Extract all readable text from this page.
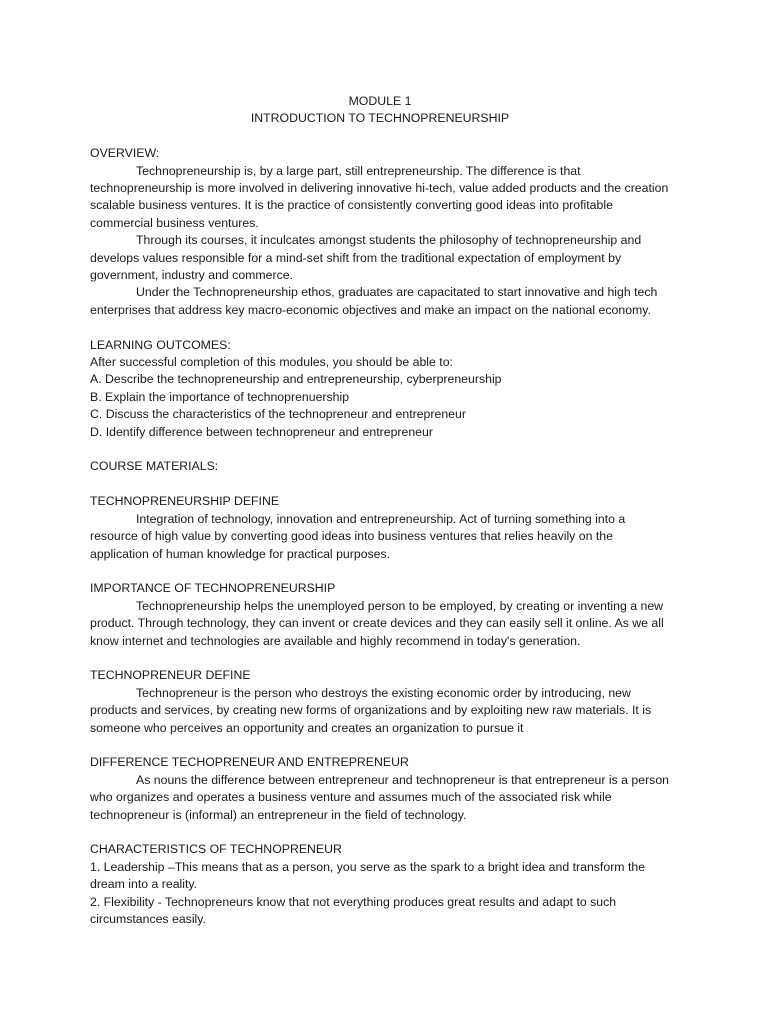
MODULE 1

INTRODUCTION TO TECHNOPRENEURSHIP

OVERVIEW:

Technopreneurship is, by a large part, still entrepreneurship. The difference is that technopreneurship is more involved in delivering innovative hi-tech, value added products and the creation scalable business ventures. It is the practice of consistently converting good ideas into profitable commercial business ventures.

Through its courses, it inculcates amongst students the philosophy of technopreneurship and develops values responsible for a mind-set shift from the traditional expectation of employment by government, industry and commerce.

Under the Technopreneurship ethos, graduates are capacitated to start innovative and high tech enterprises that address key macro-economic objectives and make an impact on the national economy.

LEARNING OUTCOMES:

After successful completion of this modules, you should be able to:

A. Describe the technopreneurship and entrepreneurship, cyberpreneurship

B. Explain the importance of technoprenuership

C. Discuss the characteristics of the technopreneur and entrepreneur

D. Identify difference between technopreneur and entrepreneur

COURSE MATERIALS:

TECHNOPRENEURSHIP DEFINE

Integration of technology, innovation and entrepreneurship. Act of turning something into a resource of high value by converting good ideas into business ventures that relies heavily on the application of human knowledge for practical purposes.

IMPORTANCE OF TECHNOPRENEURSHIP

Technopreneurship helps the unemployed person to be employed, by creating or inventing a new product. Through technology, they can invent or create devices and they can easily sell it online. As we all know internet and technologies are available and highly recommend in today's generation.

TECHNOPRENEUR DEFINE

Technopreneur is the person who destroys the existing economic order by introducing, new products and services, by creating new forms of organizations and by exploiting new raw materials. It is someone who perceives an opportunity and creates an organization to pursue it

DIFFERENCE TECHOPRENEUR AND ENTREPRENEUR

As nouns the difference between entrepreneur and technopreneur is that entrepreneur is a person who organizes and operates a business venture and assumes much of the associated risk while technopreneur is (informal) an entrepreneur in the field of technology.

CHARACTERISTICS OF TECHNOPRENEUR

1. Leadership –This means that as a person, you serve as the spark to a bright idea and transform the dream into a reality.

2. Flexibility - Technopreneurs know that not everything produces great results and adapt to such circumstances easily.
